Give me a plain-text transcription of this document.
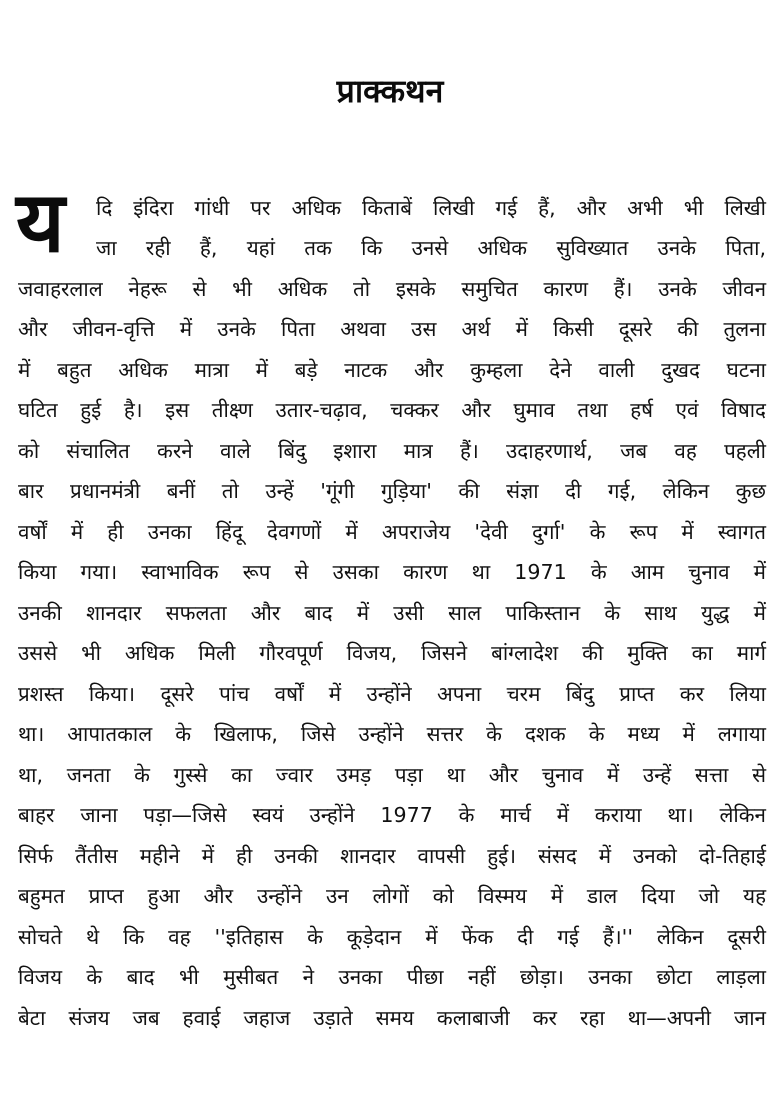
प्राक्कथन
य	दि इंदिरा गांधी पर अधिक किताबें लिखी गई हैं, और अभी भी लिखी
जा रही हैं, यहां तक कि उनसे अधिक सुविख्यात उनके पिता,
जवाहरलाल नेहरू से भी अधिक तो इसके समुचित कारण हैं। उनके जीवन
और जीवन-वृत्ति में उनके पिता अथवा उस अर्थ में किसी दूसरे की तुलना
में बहुत अधिक मात्रा में बड़े नाटक और कुम्हला देने वाली दुखद घटना
घटित हुई है। इस तीक्ष्ण उतार-चढ़ाव, चक्कर और घुमाव तथा हर्ष एवं विषाद
को संचालित करने वाले बिंदु इशारा मात्र हैं। उदाहरणार्थ, जब वह पहली
बार प्रधानमंत्री बनीं तो उन्हें 'गूंगी गुड़िया' की संज्ञा दी गई, लेकिन कुछ
वर्षों में ही उनका हिंदू देवगणों में अपराजेय 'देवी दुर्गा' के रूप में स्वागत
किया गया। स्वाभाविक रूप से उसका कारण था 1971 के आम चुनाव में
उनकी शानदार सफलता और बाद में उसी साल पाकिस्तान के साथ युद्ध में
उससे भी अधिक मिली गौरवपूर्ण विजय, जिसने बांग्लादेश की मुक्ति का मार्ग
प्रशस्त किया। दूसरे पांच वर्षों में उन्होंने अपना चरम बिंदु प्राप्त कर लिया
था। आपातकाल के खिलाफ, जिसे उन्होंने सत्तर के दशक के मध्य में लगाया
था, जनता के गुस्से का ज्वार उमड़ पड़ा था और चुनाव में उन्हें सत्ता से
बाहर जाना पड़ा—जिसे स्वयं उन्होंने 1977 के मार्च में कराया था। लेकिन
सिर्फ तैंतीस महीने में ही उनकी शानदार वापसी हुई। संसद में उनको दो-तिहाई
बहुमत प्राप्त हुआ और उन्होंने उन लोगों को विस्मय में डाल दिया जो यह
सोचते थे कि वह ''इतिहास के कूड़ेदान में फेंक दी गई हैं।'' लेकिन दूसरी
विजय के बाद भी मुसीबत ने उनका पीछा नहीं छोड़ा। उनका छोटा लाड़ला
बेटा संजय जब हवाई जहाज उड़ाते समय कलाबाजी कर रहा था—अपनी जान
